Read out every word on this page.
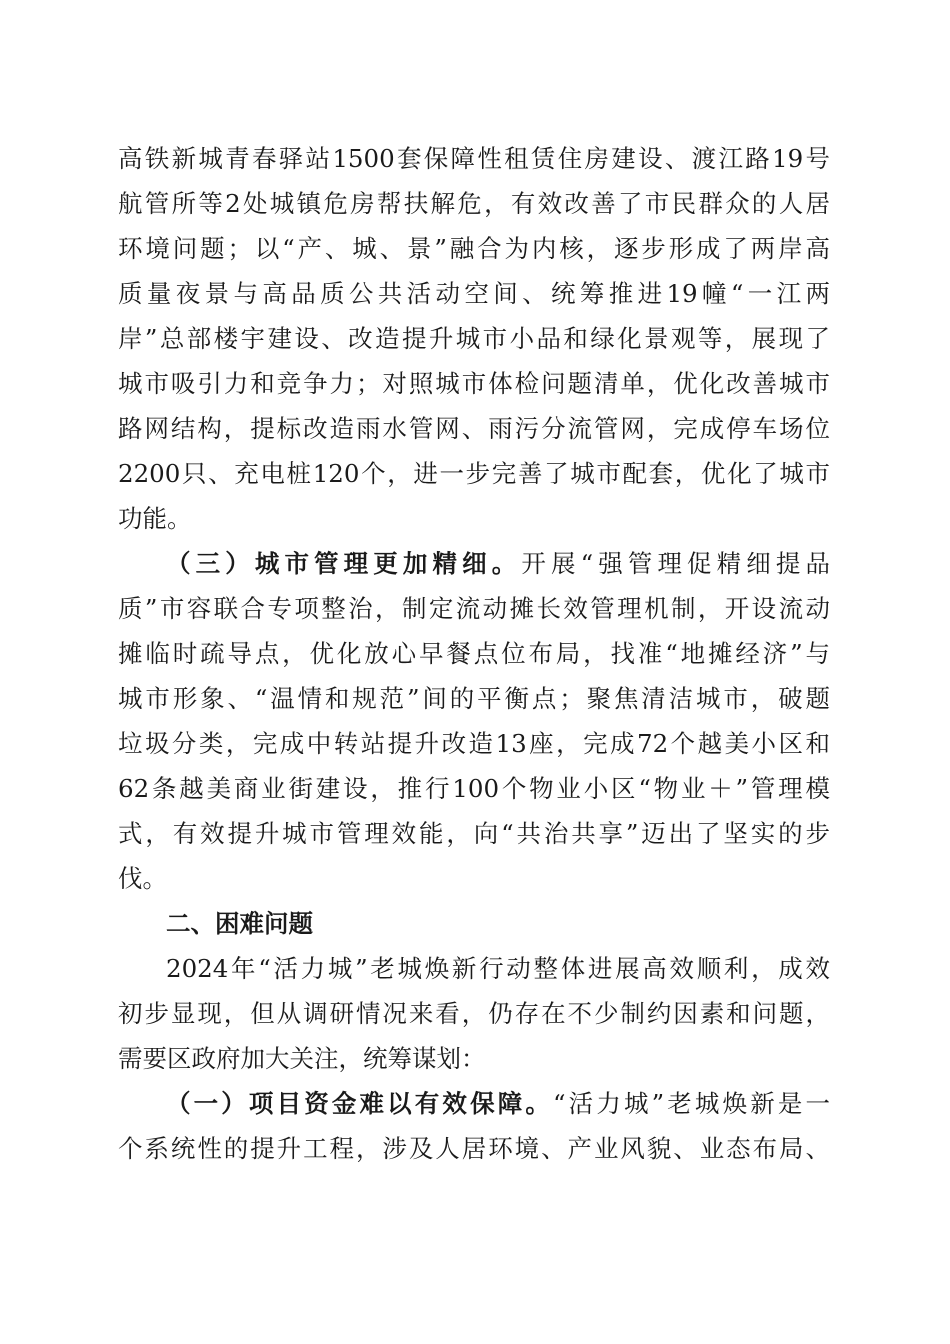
高铁新城青春驿站1500套保障性租赁住房建设、渡江路19号
航管所等2处城镇危房帮扶解危，有效改善了市民群众的人居
环境问题；以“产、城、景”融合为内核，逐步形成了两岸高
质量夜景与高品质公共活动空间、统筹推进19幢“一江两
岸”总部楼宇建设、改造提升城市小品和绿化景观等，展现了
城市吸引力和竞争力；对照城市体检问题清单，优化改善城市
路网结构，提标改造雨水管网、雨污分流管网，完成停车场位
2200只、充电桩120个，进一步完善了城市配套，优化了城市
功能。
（三）城市管理更加精细。开展“强管理促精细提品
质”市容联合专项整治，制定流动摊长效管理机制，开设流动
摊临时疏导点，优化放心早餐点位布局，找准“地摊经济”与
城市形象、“温情和规范”间的平衡点；聚焦清洁城市，破题
垃圾分类，完成中转站提升改造13座，完成72个越美小区和
62条越美商业街建设，推行100个物业小区“物业＋”管理模
式，有效提升城市管理效能，向“共治共享”迈出了坚实的步
伐。
二、困难问题
2024年“活力城”老城焕新行动整体进展高效顺利，成效
初步显现，但从调研情况来看，仍存在不少制约因素和问题，
需要区政府加大关注，统筹谋划：
（一）项目资金难以有效保障。“活力城”老城焕新是一
个系统性的提升工程，涉及人居环境、产业风貌、业态布局、
